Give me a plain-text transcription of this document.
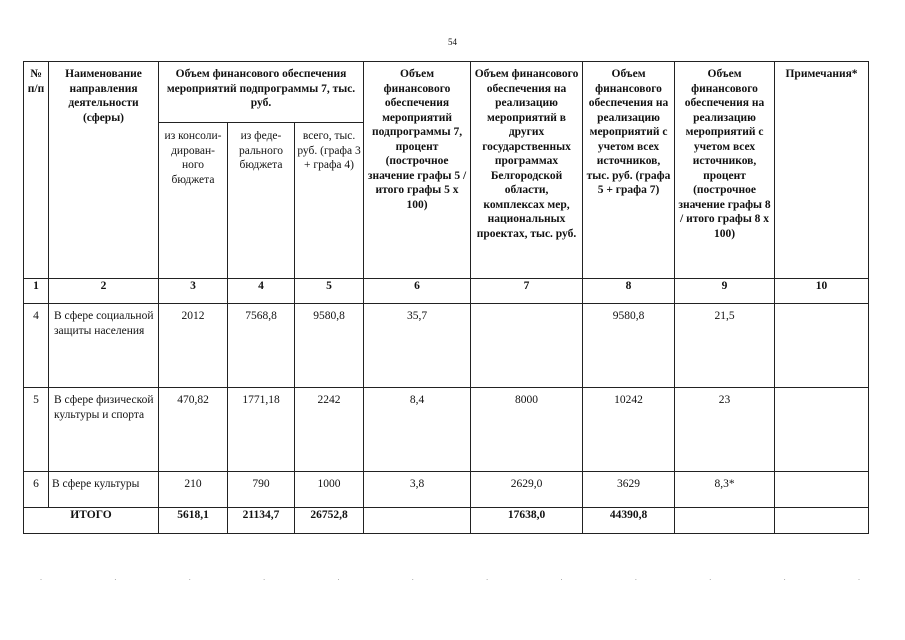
54
№ п/п	Наименование направления деятельности (сферы)	Объем финансового обеспечения мероприятий подпрограммы 7, тыс. руб.			Объем финансового обеспечения мероприятий подпрограммы 7, процент (построчное значение графы 5 / итого графы 5 х 100)	Объем финансового обеспечения на реализацию мероприятий в других государственных программах Белгородской области, комплексах мер, национальных проектах, тыс. руб.	Объем финансового обеспечения на реализацию мероприятий с учетом всех источников, тыс. руб. (графа 5 + графа 7)	Объем финансового обеспечения на реализацию мероприятий с учетом всех источников, процент (построчное значение графы 8 / итого графы 8 х 100)	Примечания*
		из консоли- дирован- ного бюджета	из феде- рального бюджета	всего, тыс. руб. (графа 3 + графа 4)					
1	2	3	4	5	6	7	8	9	10
4	В сфере социальной защиты населения	2012	7568,8	9580,8	35,7		9580,8	21,5	
5	В сфере физической культуры и спорта	470,82	1771,18	2242	8,4	8000	10242	23	
6	В сфере культуры	210	790	1000	3,8	2629,0	3629	8,3*	
ИТОГО		5618,1	21134,7	26752,8		17638,0	44390,8		
.	.	.	.	.	.	.	.	.	.	.	.
